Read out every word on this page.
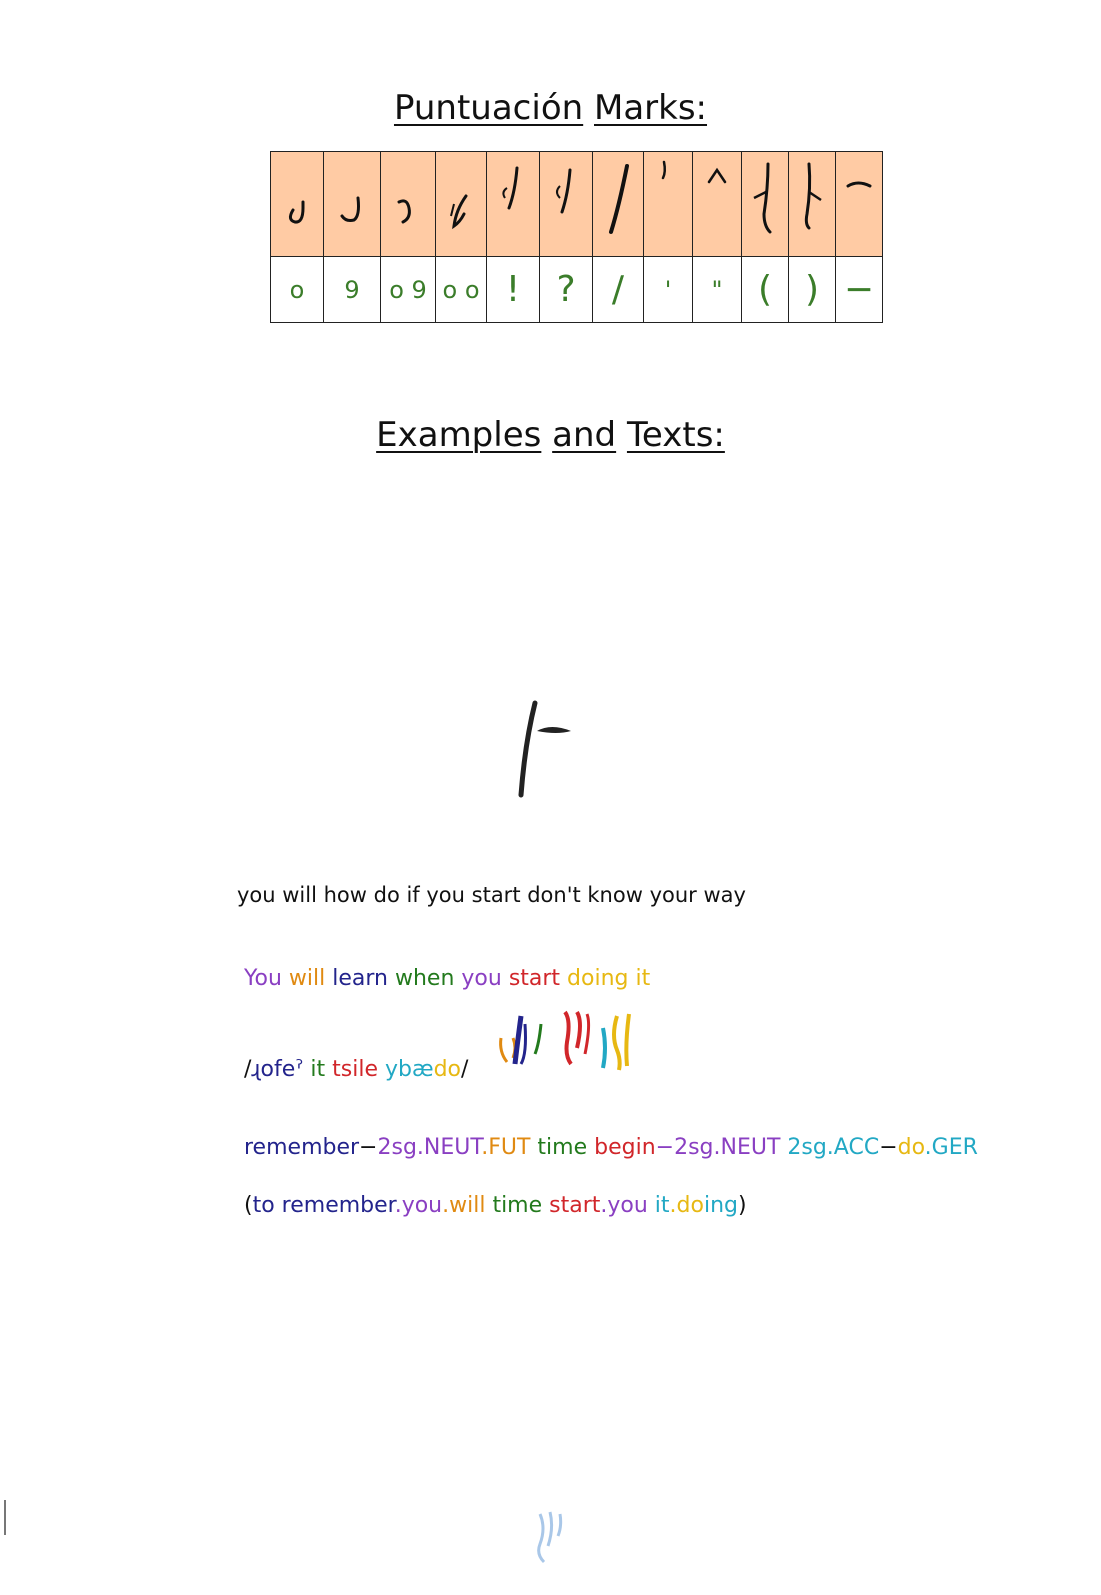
Puntuación Marks:

o	9	o 9	o o	!	?	/	'	"	(	)	−
Examples and Texts:
you will how do if you start don't know your way

You will learn when you start doing it

/ɻofeˀ it tsile ybædo/

remember−2sg.NEUT.FUT time begin−2sg.NEUT 2sg.ACC−do.GER

(to remember.you.will time start.you it.doing)
